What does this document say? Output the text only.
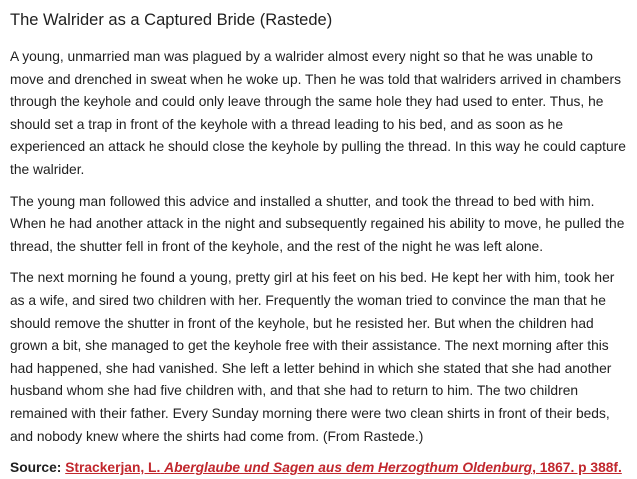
The Walrider as a Captured Bride (Rastede)

A young, unmarried man was plagued by a walrider almost every night so that he was unable to move and drenched in sweat when he woke up. Then he was told that walriders arrived in chambers through the keyhole and could only leave through the same hole they had used to enter. Thus, he should set a trap in front of the keyhole with a thread leading to his bed, and as soon as he experienced an attack he should close the keyhole by pulling the thread. In this way he could capture the walrider.

The young man followed this advice and installed a shutter, and took the thread to bed with him. When he had another attack in the night and subsequently regained his ability to move, he pulled the thread, the shutter fell in front of the keyhole, and the rest of the night he was left alone.

The next morning he found a young, pretty girl at his feet on his bed. He kept her with him, took her as a wife, and sired two children with her. Frequently the woman tried to convince the man that he should remove the shutter in front of the keyhole, but he resisted her. But when the children had grown a bit, she managed to get the keyhole free with their assistance. The next morning after this had happened, she had vanished. She left a letter behind in which she stated that she had another husband whom she had five children with, and that she had to return to him. The two children remained with their father. Every Sunday morning there were two clean shirts in front of their beds, and nobody knew where the shirts had come from. (From Rastede.)

Source: Strackerjan, L. Aberglaube und Sagen aus dem Herzogthum Oldenburg, 1867. p 388f.
